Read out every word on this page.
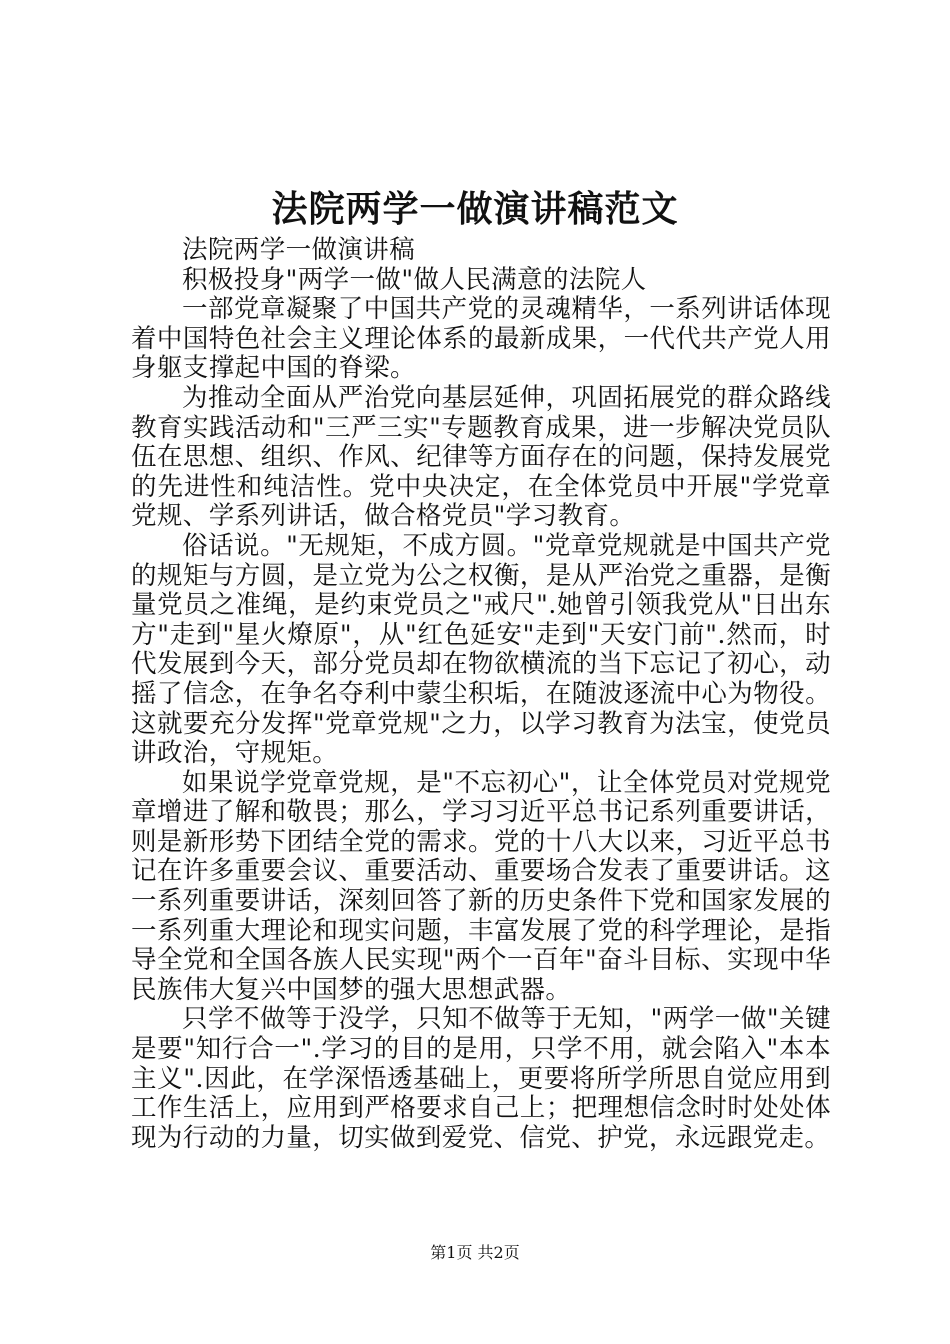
法院两学一做演讲稿范文

法院两学一做演讲稿

积极投身"两学一做"做人民满意的法院人

一部党章凝聚了中国共产党的灵魂精华，一系列讲话体现着中国特色社会主义理论体系的最新成果，一代代共产党人用身躯支撑起中国的脊梁。

为推动全面从严治党向基层延伸，巩固拓展党的群众路线教育实践活动和"三严三实"专题教育成果，进一步解决党员队伍在思想、组织、作风、纪律等方面存在的问题，保持发展党的先进性和纯洁性。党中央决定，在全体党员中开展"学党章党规、学系列讲话，做合格党员"学习教育。

俗话说。"无规矩，不成方圆。"党章党规就是中国共产党的规矩与方圆，是立党为公之权衡，是从严治党之重器，是衡量党员之准绳，是约束党员之"戒尺".她曾引领我党从"日出东方"走到"星火燎原"，从"红色延安"走到"天安门前".然而，时代发展到今天，部分党员却在物欲横流的当下忘记了初心，动摇了信念，在争名夺利中蒙尘积垢，在随波逐流中心为物役。这就要充分发挥"党章党规"之力，以学习教育为法宝，使党员讲政治，守规矩。

如果说学党章党规，是"不忘初心"，让全体党员对党规党章增进了解和敬畏；那么，学习习近平总书记系列重要讲话，则是新形势下团结全党的需求。党的十八大以来，习近平总书记在许多重要会议、重要活动、重要场合发表了重要讲话。这一系列重要讲话，深刻回答了新的历史条件下党和国家发展的一系列重大理论和现实问题，丰富发展了党的科学理论，是指导全党和全国各族人民实现"两个一百年"奋斗目标、实现中华民族伟大复兴中国梦的强大思想武器。

只学不做等于没学，只知不做等于无知，"两学一做"关键是要"知行合一".学习的目的是用，只学不用，就会陷入"本本主义".因此，在学深悟透基础上，更要将所学所思自觉应用到工作生活上，应用到严格要求自己上；把理想信念时时处处体现为行动的力量，切实做到爱党、信党、护党，永远跟党走。

第1页 共2页
